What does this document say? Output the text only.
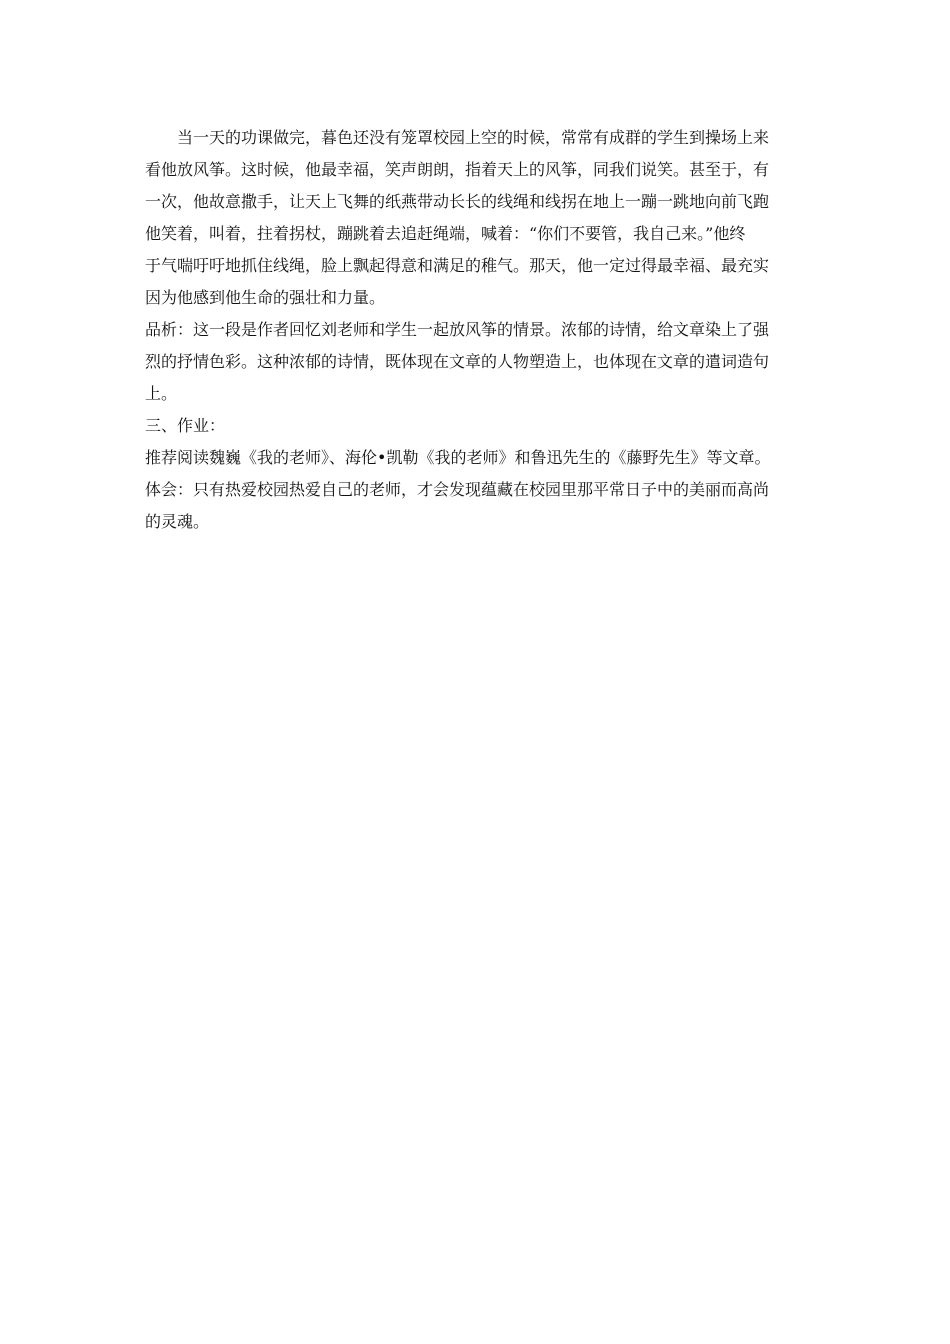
当一天的功课做完，暮色还没有笼罩校园上空的时候，常常有成群的学生到操场上来
看他放风筝。这时候，他最幸福，笑声朗朗，指着天上的风筝，同我们说笑。甚至于，有
一次，他故意撒手，让天上飞舞的纸燕带动长长的线绳和线拐在地上一蹦一跳地向前飞跑
他笑着，叫着，拄着拐杖，蹦跳着去追赶绳端，喊着：“你们不要管，我自己来。”他终
于气喘吁吁地抓住线绳，脸上飘起得意和满足的稚气。那天，他一定过得最幸福、最充实
因为他感到他生命的强壮和力量。
品析：这一段是作者回忆刘老师和学生一起放风筝的情景。浓郁的诗情，给文章染上了强
烈的抒情色彩。这种浓郁的诗情，既体现在文章的人物塑造上，也体现在文章的遣词造句
上。
三、作业：
推荐阅读魏巍《我的老师》、海伦•凯勒《我的老师》和鲁迅先生的《藤野先生》等文章。
体会：只有热爱校园热爱自己的老师，才会发现蕴藏在校园里那平常日子中的美丽而高尚
的灵魂。
